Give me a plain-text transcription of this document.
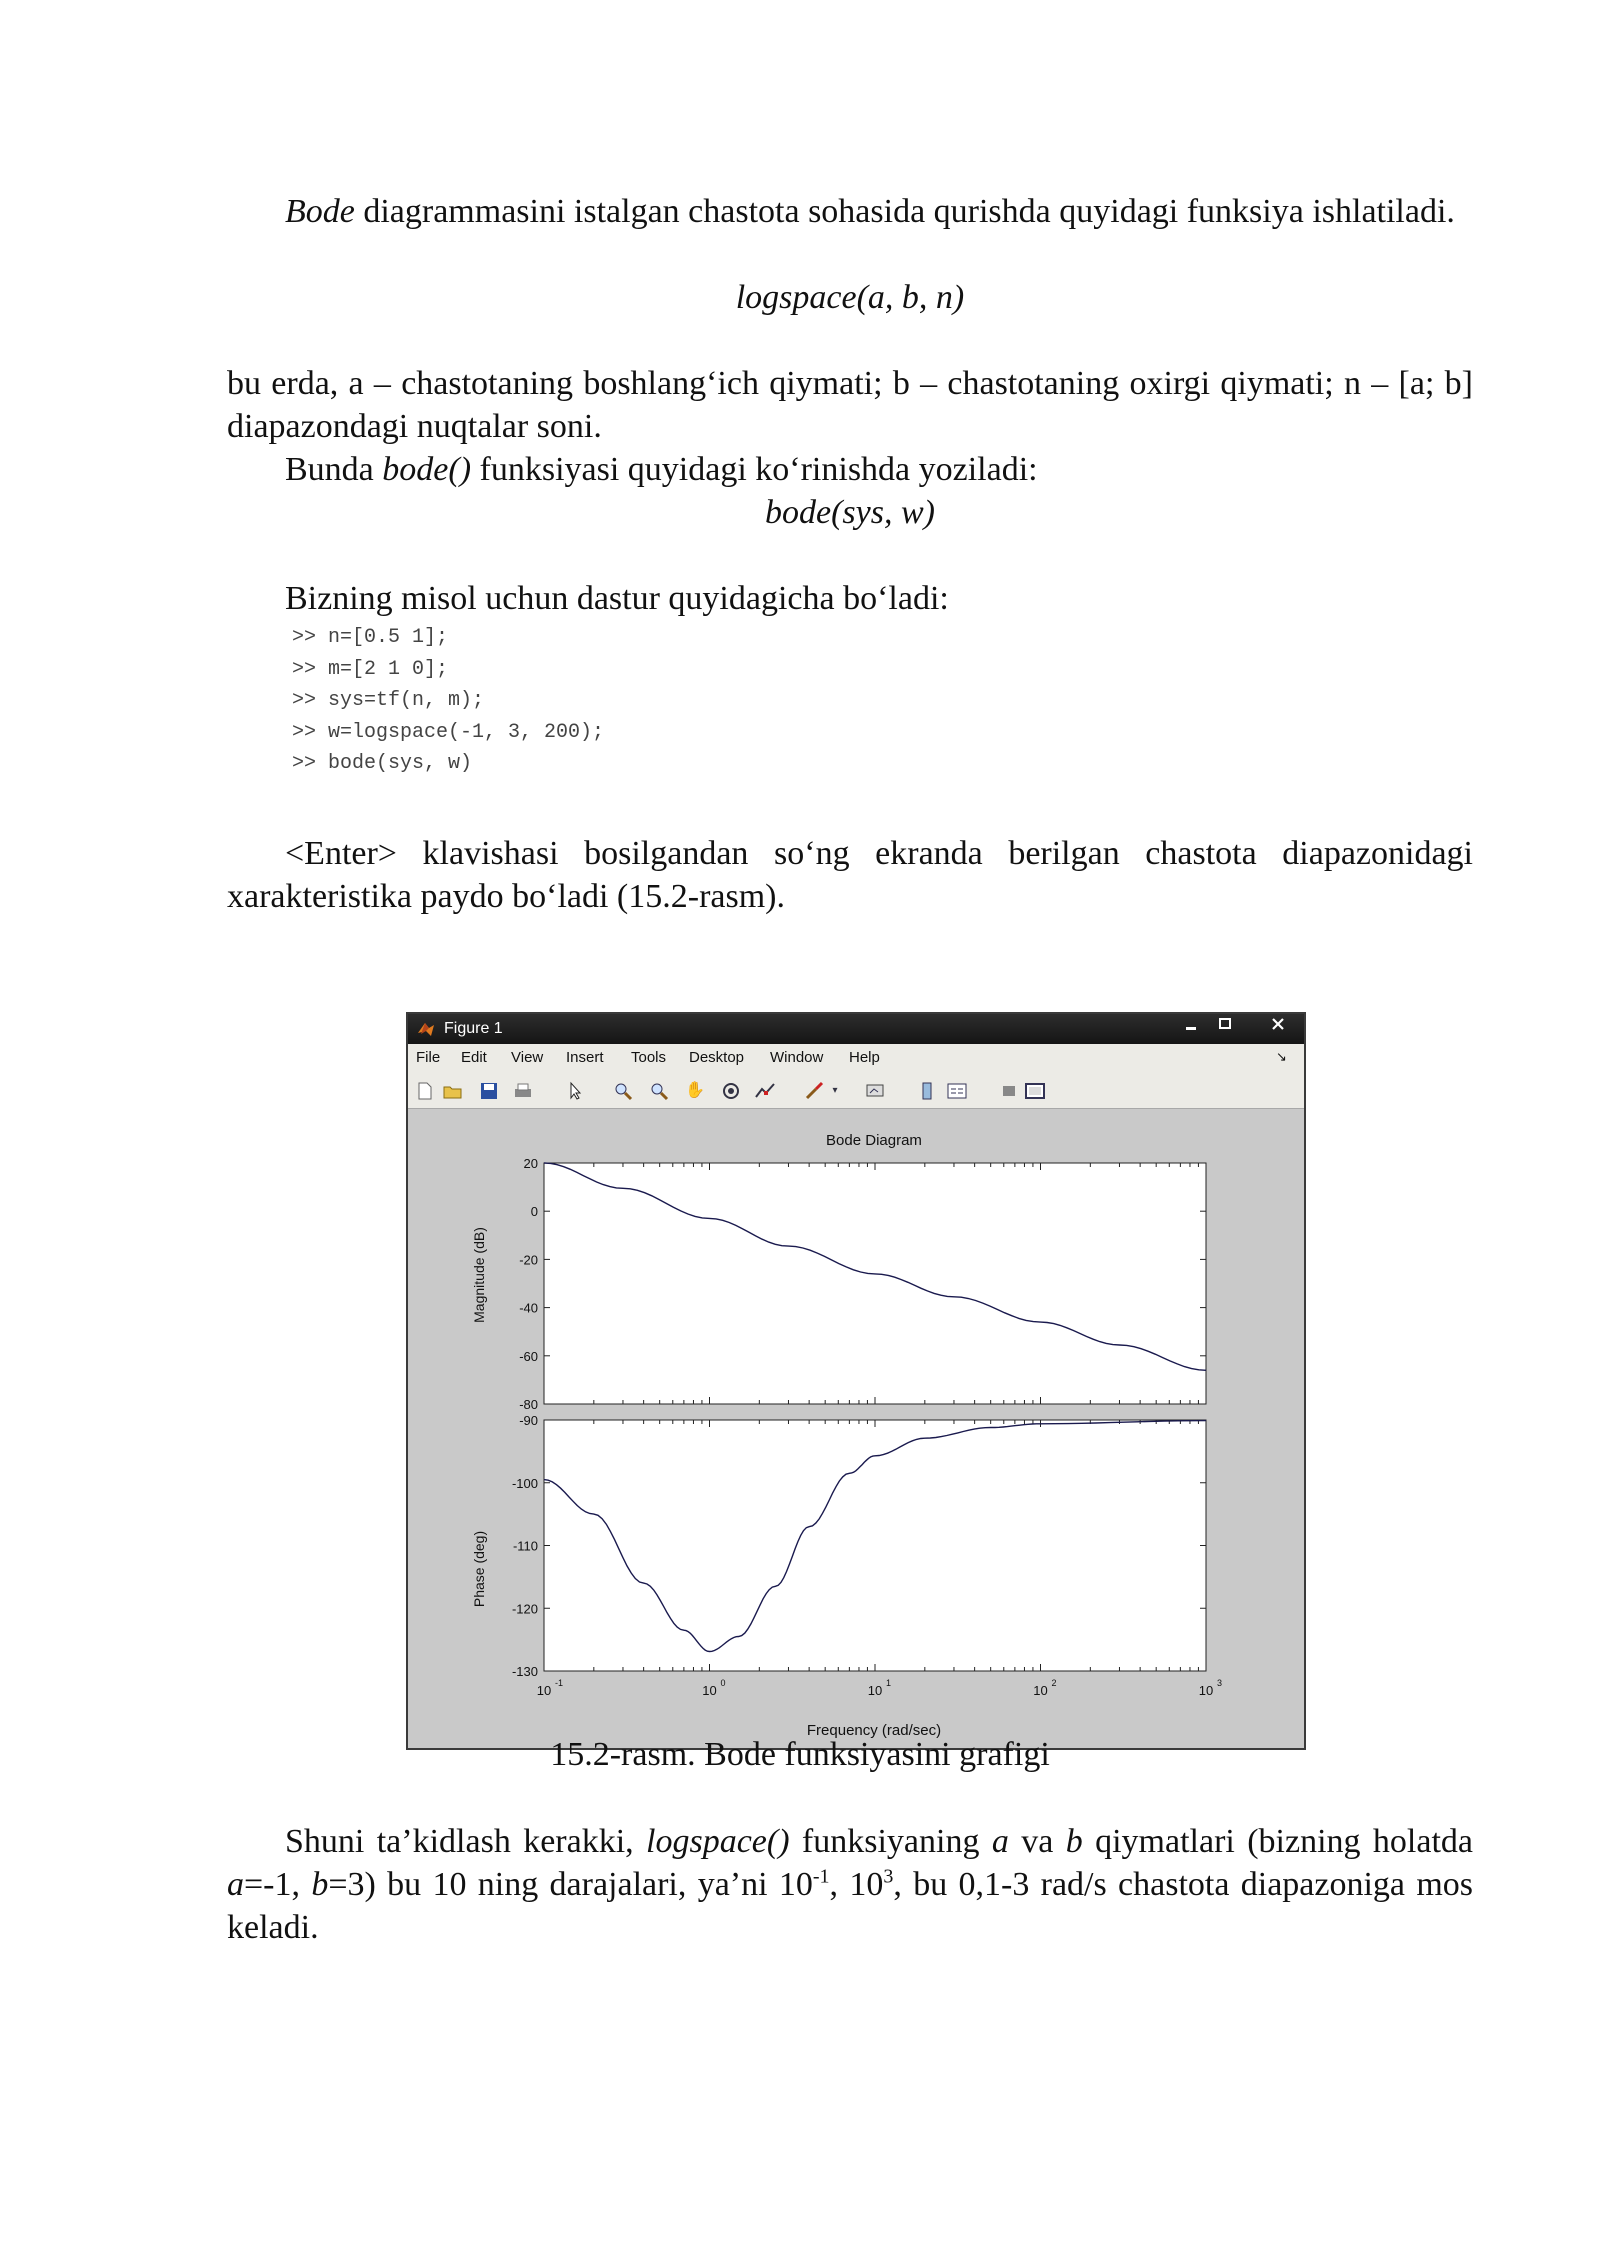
Bode diagrammasini istalgan chastota sohasida qurishda quyidagi funksiya ishlatiladi.

logspace(a, b, n)

bu erda, a – chastotaning boshlang‘ich qiymati; b – chastotaning oxirgi qiymati; n – [a; b] diapazondagi nuqtalar soni.

Bunda bode() funksiyasi quyidagi ko‘rinishda yoziladi:

bode(sys, w)

Bizning misol uchun dastur quyidagicha bo‘ladi:

>> n=[0.5 1];
>> m=[2 1 0];
>> sys=tf(n, m);
>> w=logspace(-1, 3, 200);
>> bode(sys, w)

<Enter> klavishasi bosilgandan so‘ng ekranda berilgan chastota diapazonidagi xarakteristika paydo bo‘ladi (15.2-rasm).

Figure 1
File Edit View Insert Tools Desktop Window Help	↘
✋	▾
Bode Diagram
Magnitude (dB)
Phase (deg)
Frequency (rad/sec)
20
0
-20
-40
-60
-80
-90
-100
-110
-120
-130
10 -1	10 0	10 1	10 2	10 3
15.2-rasm. Bode funksiyasini grafigi

Shuni ta’kidlash kerakki, logspace() funksiyaning a va b qiymatlari (bizning holatda a=-1, b=3) bu 10 ning darajalari, ya’ni $10^{-1}$, $10^3$, bu 0,1-3 rad/s chastota diapazoniga mos keladi.
